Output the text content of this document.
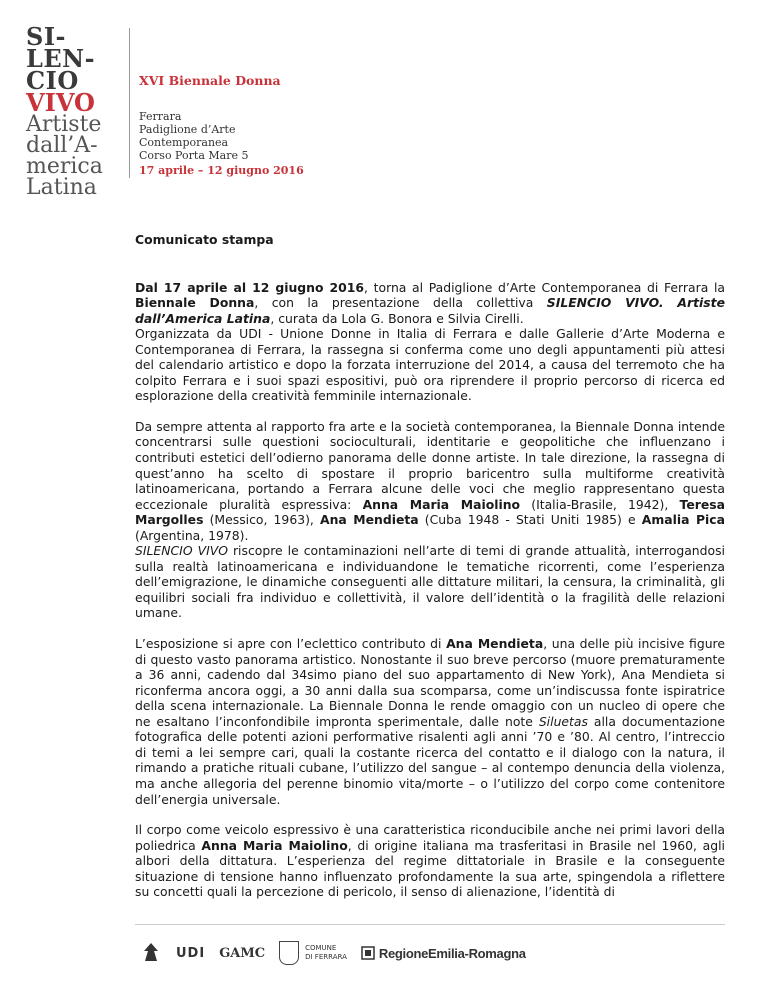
SI-
LEN-
CIO
VIVO
Artiste
dall’A-
merica
Latina
XVI Biennale Donna
Ferrara
Padiglione d’Arte
Contemporanea
Corso Porta Mare 5
17 aprile – 12 giugno 2016
Comunicato stampa

Dal 17 aprile al 12 giugno 2016, torna al Padiglione d’Arte Contemporanea di Ferrara la Biennale Donna, con la presentazione della collettiva SILENCIO VIVO. Artiste dall’America Latina, curata da Lola G. Bonora e Silvia Cirelli.
Organizzata da UDI - Unione Donne in Italia di Ferrara e dalle Gallerie d’Arte Moderna e Contemporanea di Ferrara, la rassegna si conferma come uno degli appuntamenti più attesi del calendario artistico e dopo la forzata interruzione del 2014, a causa del terremoto che ha colpito Ferrara e i suoi spazi espositivi, può ora riprendere il proprio percorso di ricerca ed esplorazione della creatività femminile internazionale.

Da sempre attenta al rapporto fra arte e la società contemporanea, la Biennale Donna intende concentrarsi sulle questioni socioculturali, identitarie e geopolitiche che influenzano i contributi estetici dell’odierno panorama delle donne artiste. In tale direzione, la rassegna di quest’anno ha scelto di spostare il proprio baricentro sulla multiforme creatività latinoamericana, portando a Ferrara alcune delle voci che meglio rappresentano questa eccezionale pluralità espressiva: Anna Maria Maiolino (Italia-Brasile, 1942), Teresa Margolles (Messico, 1963), Ana Mendieta (Cuba 1948 - Stati Uniti 1985) e Amalia Pica (Argentina, 1978).
SILENCIO VIVO riscopre le contaminazioni nell’arte di temi di grande attualità, interrogandosi sulla realtà latinoamericana e individuandone le tematiche ricorrenti, come l’esperienza dell’emigrazione, le dinamiche conseguenti alle dittature militari, la censura, la criminalità, gli equilibri sociali fra individuo e collettività, il valore dell’identità o la fragilità delle relazioni umane.

L’esposizione si apre con l’eclettico contributo di Ana Mendieta, una delle più incisive figure di questo vasto panorama artistico. Nonostante il suo breve percorso (muore prematuramente a 36 anni, cadendo dal 34simo piano del suo appartamento di New York), Ana Mendieta si riconferma ancora oggi, a 30 anni dalla sua scomparsa, come un’indiscussa fonte ispiratrice della scena internazionale. La Biennale Donna le rende omaggio con un nucleo di opere che ne esaltano l’inconfondibile impronta sperimentale, dalle note Siluetas alla documentazione fotografica delle potenti azioni performative risalenti agli anni ’70 e ’80. Al centro, l’intreccio di temi a lei sempre cari, quali la costante ricerca del contatto e il dialogo con la natura, il rimando a pratiche rituali cubane, l’utilizzo del sangue – al contempo denuncia della violenza, ma anche allegoria del perenne binomio vita/morte – o l’utilizzo del corpo come contenitore dell’energia universale.

Il corpo come veicolo espressivo è una caratteristica riconducibile anche nei primi lavori della poliedrica Anna Maria Maiolino, di origine italiana ma trasferitasi in Brasile nel 1960, agli albori della dittatura. L’esperienza del regime dittatoriale in Brasile e la conseguente situazione di tensione hanno influenzato profondamente la sua arte, spingendola a riflettere su concetti quali la percezione di pericolo, il senso di alienazione, l’identità di

UDI GAMC	COMUNE
DI FERRARA RegioneEmilia-Romagna
